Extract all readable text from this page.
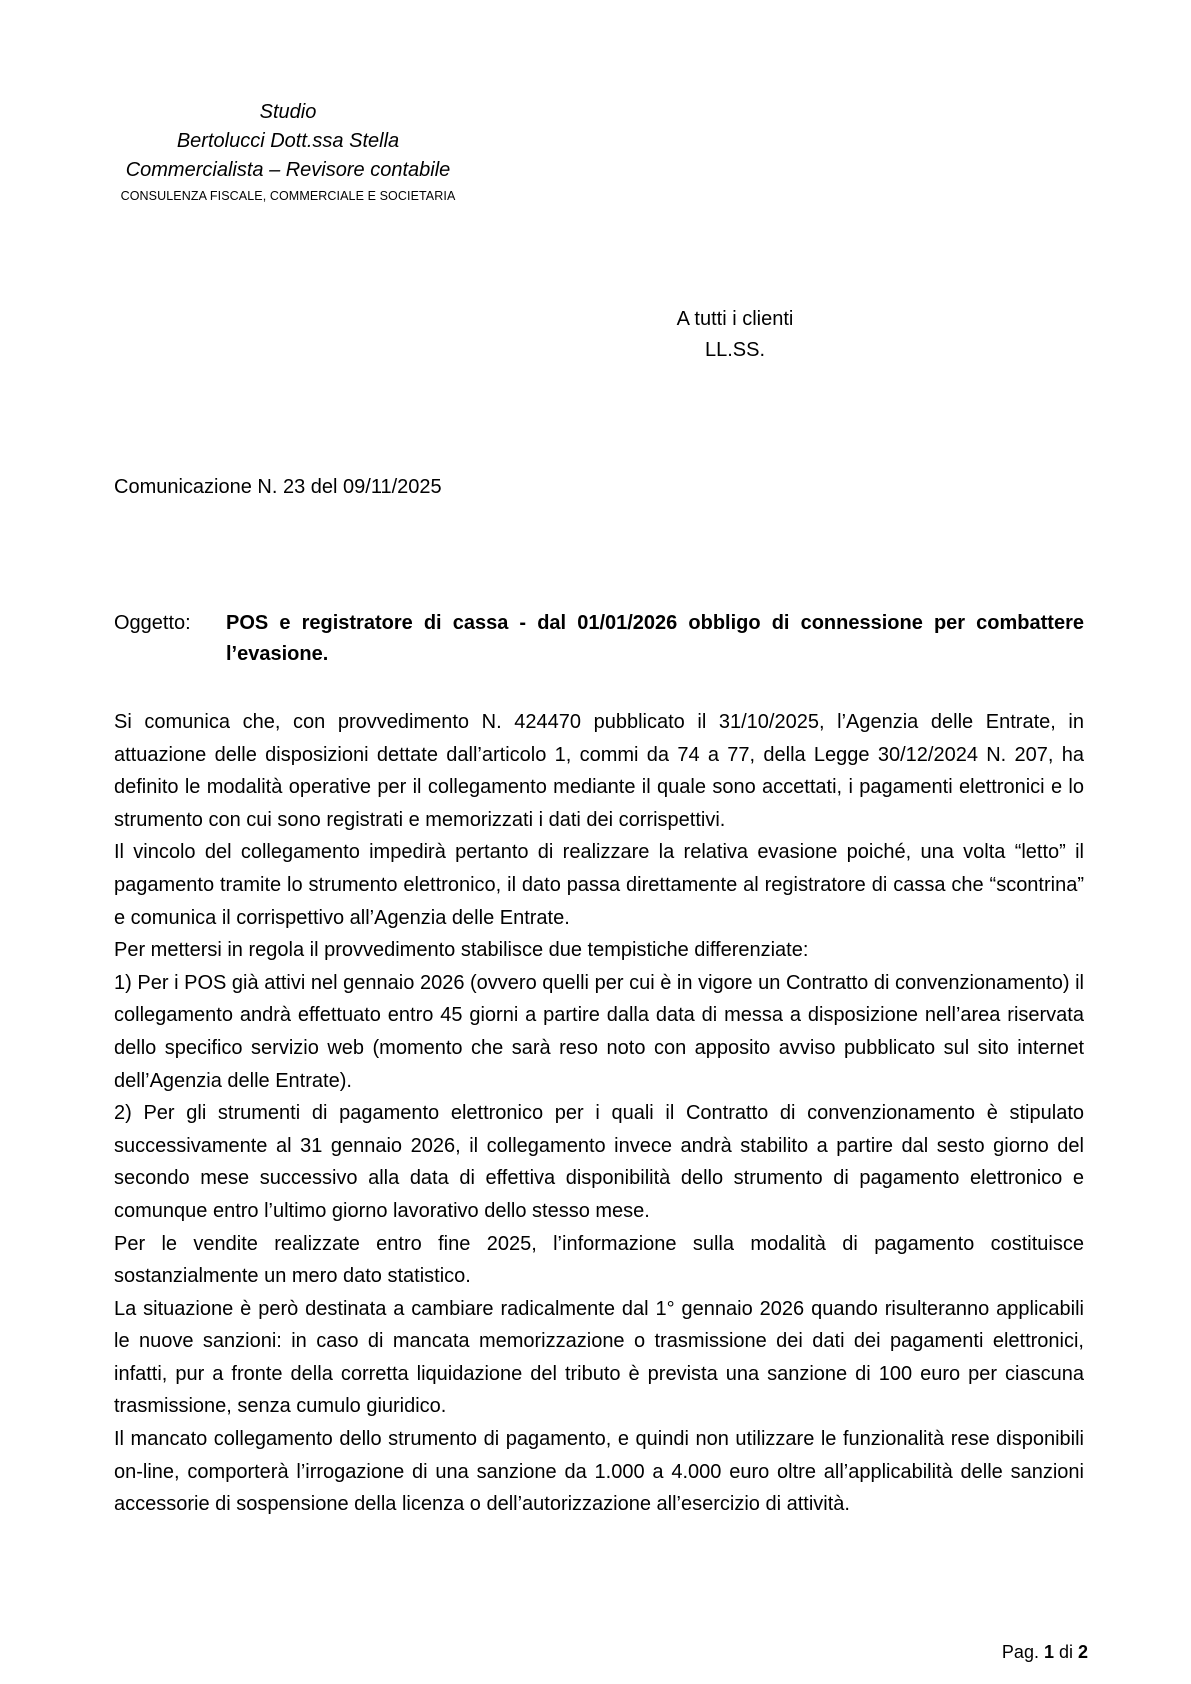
Studio
Bertolucci Dott.ssa Stella
Commercialista – Revisore contabile
CONSULENZA FISCALE, COMMERCIALE E SOCIETARIA
A tutti i clienti
LL.SS.
Comunicazione N. 23 del 09/11/2025
Oggetto: POS e registratore di cassa - dal 01/01/2026 obbligo di connessione per combattere l’evasione.

Si comunica che, con provvedimento N. 424470 pubblicato il 31/10/2025, l’Agenzia delle Entrate, in attuazione delle disposizioni dettate dall’articolo 1, commi da 74 a 77, della Legge 30/12/2024 N. 207, ha definito le modalità operative per il collegamento mediante il quale sono accettati, i pagamenti elettronici e lo strumento con cui sono registrati e memorizzati i dati dei corrispettivi.

Il vincolo del collegamento impedirà pertanto di realizzare la relativa evasione poiché, una volta “letto” il pagamento tramite lo strumento elettronico, il dato passa direttamente al registratore di cassa che “scontrina” e comunica il corrispettivo all’Agenzia delle Entrate.

Per mettersi in regola il provvedimento stabilisce due tempistiche differenziate:

1) Per i POS già attivi nel gennaio 2026 (ovvero quelli per cui è in vigore un Contratto di convenzionamento) il collegamento andrà effettuato entro 45 giorni a partire dalla data di messa a disposizione nell’area riservata dello specifico servizio web (momento che sarà reso noto con apposito avviso pubblicato sul sito internet dell’Agenzia delle Entrate).

2) Per gli strumenti di pagamento elettronico per i quali il Contratto di convenzionamento è stipulato successivamente al 31 gennaio 2026, il collegamento invece andrà stabilito a partire dal sesto giorno del secondo mese successivo alla data di effettiva disponibilità dello strumento di pagamento elettronico e comunque entro l’ultimo giorno lavorativo dello stesso mese.

Per le vendite realizzate entro fine 2025, l’informazione sulla modalità di pagamento costituisce sostanzialmente un mero dato statistico.

La situazione è però destinata a cambiare radicalmente dal 1° gennaio 2026 quando risulteranno applicabili le nuove sanzioni: in caso di mancata memorizzazione o trasmissione dei dati dei pagamenti elettronici, infatti, pur a fronte della corretta liquidazione del tributo è prevista una sanzione di 100 euro per ciascuna trasmissione, senza cumulo giuridico.

Il mancato collegamento dello strumento di pagamento, e quindi non utilizzare le funzionalità rese disponibili on-line, comporterà l’irrogazione di una sanzione da 1.000 a 4.000 euro oltre all’applicabilità delle sanzioni accessorie di sospensione della licenza o dell’autorizzazione all’esercizio di attività.

Pag. 1 di 2
